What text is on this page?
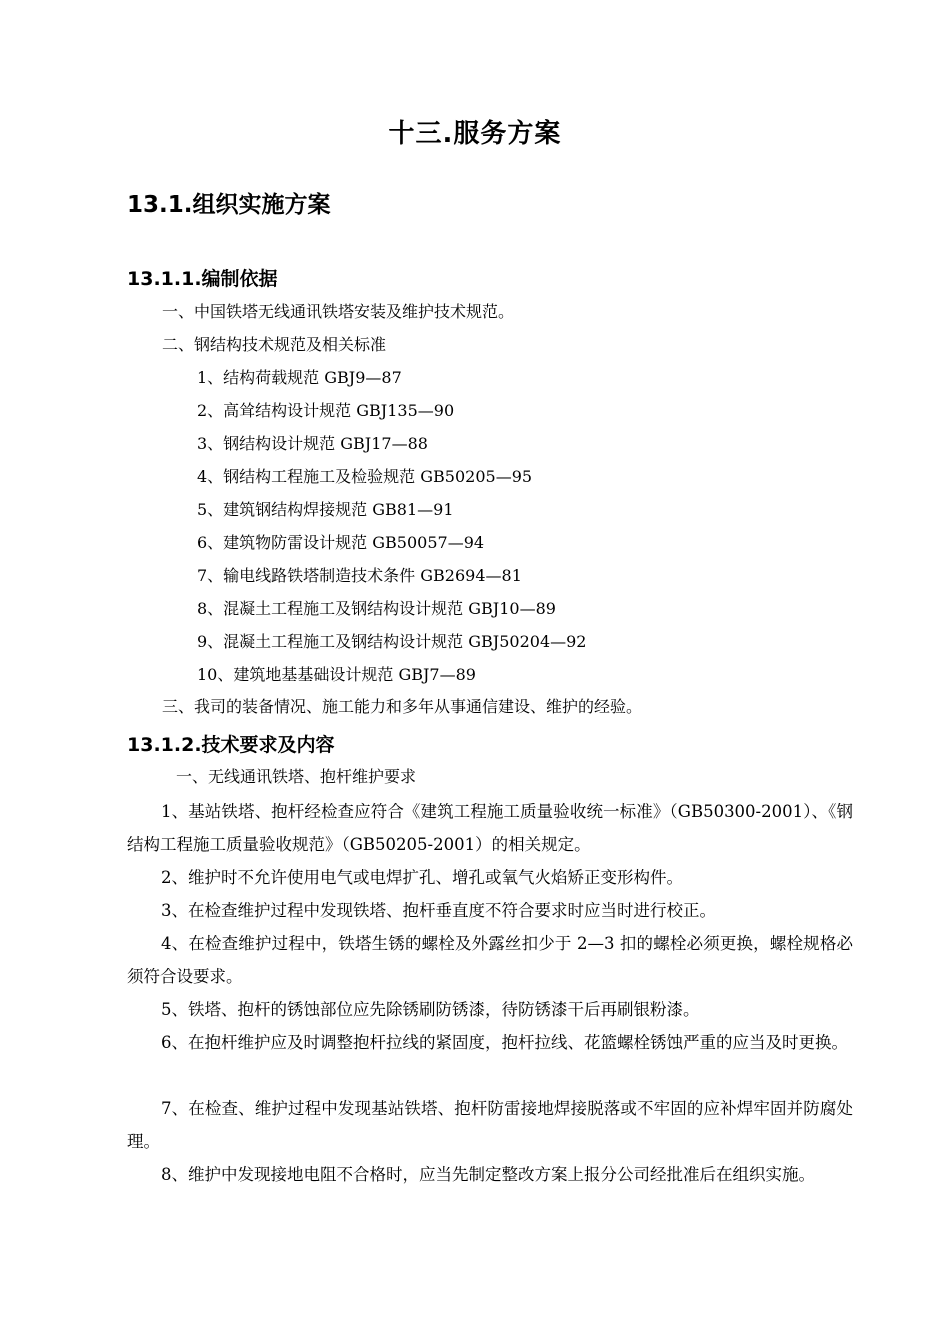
十三.服务方案
13.1.组织实施方案
13.1.1.编制依据
一、中国铁塔无线通讯铁塔安装及维护技术规范。
二、钢结构技术规范及相关标准
1、结构荷载规范 GBJ9—87
2、高耸结构设计规范 GBJ135—90
3、钢结构设计规范 GBJ17—88
4、钢结构工程施工及检验规范 GB50205—95
5、建筑钢结构焊接规范 GB81—91
6、建筑物防雷设计规范 GB50057—94
7、输电线路铁塔制造技术条件 GB2694—81
8、混凝土工程施工及钢结构设计规范 GBJ10—89
9、混凝土工程施工及钢结构设计规范 GBJ50204—92
10、建筑地基基础设计规范 GBJ7—89
三、我司的装备情况、施工能力和多年从事通信建设、维护的经验。
13.1.2.技术要求及内容
一、无线通讯铁塔、抱杆维护要求
1、基站铁塔、抱杆经检查应符合《建筑工程施工质量验收统一标准》（GB50300-2001）、《钢结构工程施工质量验收规范》（GB50205-2001）的相关规定。
2、维护时不允许使用电气或电焊扩孔、增孔或氧气火焰矫正变形构件。
3、在检查维护过程中发现铁塔、抱杆垂直度不符合要求时应当时进行校正。
4、在检查维护过程中，铁塔生锈的螺栓及外露丝扣少于 2—3 扣的螺栓必须更换，螺栓规格必须符合设要求。
5、铁塔、抱杆的锈蚀部位应先除锈刷防锈漆，待防锈漆干后再刷银粉漆。
6、在抱杆维护应及时调整抱杆拉线的紧固度，抱杆拉线、花篮螺栓锈蚀严重的应当及时更换。
7、在检查、维护过程中发现基站铁塔、抱杆防雷接地焊接脱落或不牢固的应补焊牢固并防腐处理。
8、维护中发现接地电阻不合格时，应当先制定整改方案上报分公司经批准后在组织实施。
